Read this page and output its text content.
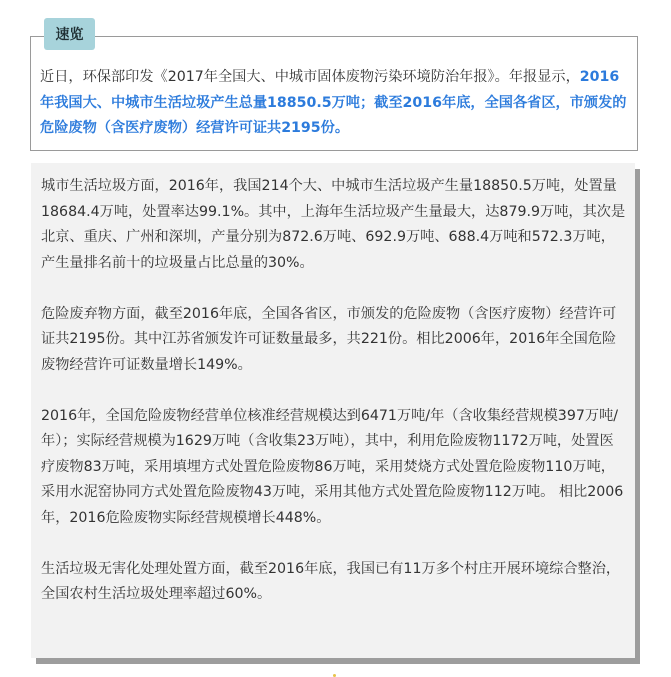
速览
近日，环保部印发《2017年全国大、中城市固体废物污染环境防治年报》。年报显示，2016年我国大、中城市生活垃圾产生总量18850.5万吨；截至2016年底，全国各省区，市颁发的危险废物（含医疗废物）经营许可证共2195份。

城市生活垃圾方面，2016年，我国214个大、中城市生活垃圾产生量18850.5万吨，处置量18684.4万吨，处置率达99.1%。其中，上海年生活垃圾产生量最大，达879.9万吨，其次是北京、重庆、广州和深圳，产量分别为872.6万吨、692.9万吨、688.4万吨和572.3万吨，产生量排名前十的垃圾量占比总量的30%。

危险废弃物方面，截至2016年底，全国各省区，市颁发的危险废物（含医疗废物）经营许可证共2195份。其中江苏省颁发许可证数量最多，共221份。相比2006年，2016年全国危险废物经营许可证数量增长149%。

2016年，全国危险废物经营单位核准经营规模达到6471万吨/年（含收集经营规模397万吨/年）；实际经营规模为1629万吨（含收集23万吨），其中，利用危险废物1172万吨，处置医疗废物83万吨，采用填埋方式处置危险废物86万吨，采用焚烧方式处置危险废物110万吨，采用水泥窑协同方式处置危险废物43万吨，采用其他方式处置危险废物112万吨。 相比2006年，2016危险废物实际经营规模增长448%。

生活垃圾无害化处理处置方面，截至2016年底，我国已有11万多个村庄开展环境综合整治，全国农村生活垃圾处理率超过60%。
